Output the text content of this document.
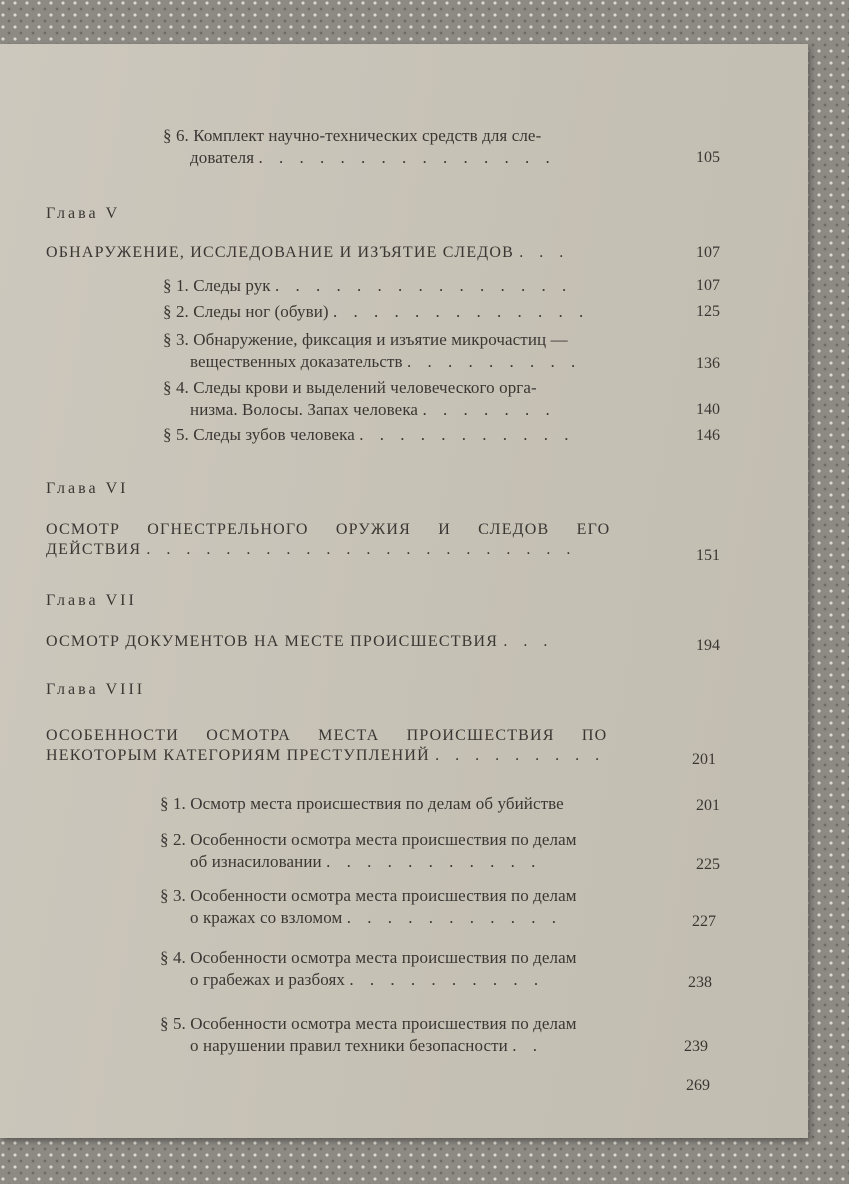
§ 6. Комплект научно-технических средств для сле-
дователя . . . . . . . . . . . . . . .	105
Глава V
ОБНАРУЖЕНИЕ, ИССЛЕДОВАНИЕ И ИЗЪЯТИЕ СЛЕДОВ . . .	107
§ 1. Следы рук . . . . . . . . . . . . . . .	107
§ 2. Следы ног (обуви) . . . . . . . . . . . . .	125
§ 3. Обнаружение, фиксация и изъятие микрочастиц —
вещественных доказательств . . . . . . . . .	136
§ 4. Следы крови и выделений человеческого орга-
низма. Волосы. Запах человека . . . . . . .	140
§ 5. Следы зубов человека . . . . . . . . . . .	146
Глава VI
ОСМОТР ОГНЕСТРЕЛЬНОГО ОРУЖИЯ И СЛЕДОВ ЕГО
ДЕЙСТВИЯ . . . . . . . . . . . . . . . . . . . . . .	151
Глава VII
ОСМОТР ДОКУМЕНТОВ НА МЕСТЕ ПРОИСШЕСТВИЯ . . .	194
Глава VIII
ОСОБЕННОСТИ ОСМОТРА МЕСТА ПРОИСШЕСТВИЯ ПО
НЕКОТОРЫМ КАТЕГОРИЯМ ПРЕСТУПЛЕНИЙ . . . . . . . . .	201
§ 1. Осмотр места происшествия по делам об убийстве	201
§ 2. Особенности осмотра места происшествия по делам
об изнасиловании . . . . . . . . . . .	225
§ 3. Особенности осмотра места происшествия по делам
о кражах со взломом . . . . . . . . . . .	227
§ 4. Особенности осмотра места происшествия по делам
о грабежах и разбоях . . . . . . . . . .	238
§ 5. Особенности осмотра места происшествия по делам
о нарушении правил техники безопасности . .	239
269
